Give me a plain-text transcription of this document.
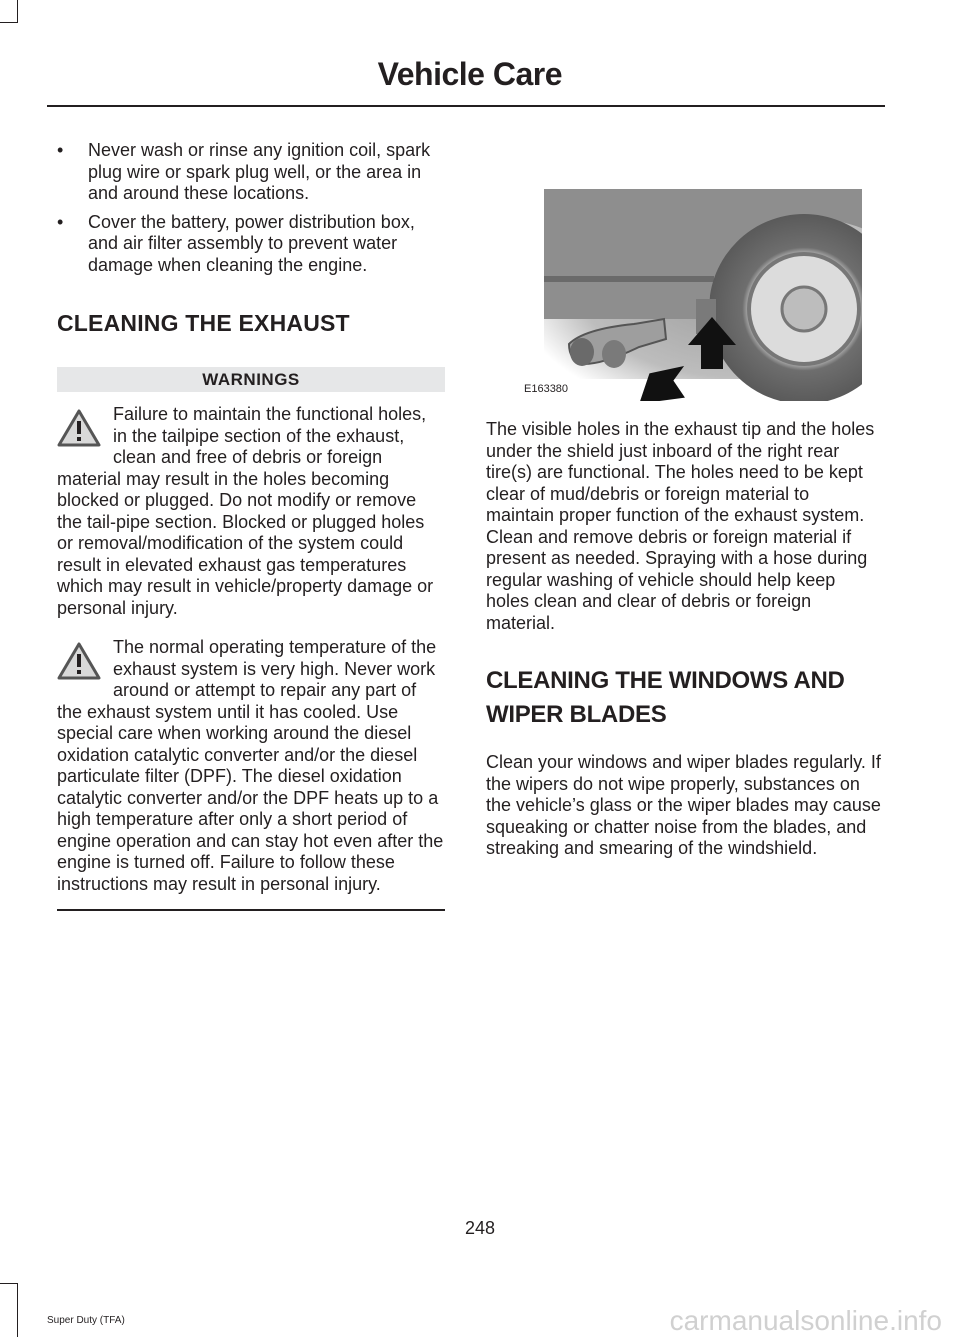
Vehicle Care
• Never wash or rinse any ignition coil, spark plug wire or spark plug well, or the area in and around these locations.
• Cover the battery, power distribution box, and air filter assembly to prevent water damage when cleaning the engine.
CLEANING THE EXHAUST
WARNINGS
Failure to maintain the functional holes, in the tailpipe section of the exhaust, clean and free of debris or foreign material may result in the holes becoming blocked or plugged. Do not modify or remove the tail-pipe section. Blocked or plugged holes or removal/modification of the system could result in elevated exhaust gas temperatures which may result in vehicle/property damage or personal injury.
The normal operating temperature of the exhaust system is very high. Never work around or attempt to repair any part of the exhaust system until it has cooled. Use special care when working around the diesel oxidation catalytic converter and/or the diesel particulate filter (DPF). The diesel oxidation catalytic converter and/or the DPF heats up to a high temperature after only a short period of engine operation and can stay hot even after the engine is turned off. Failure to follow these instructions may result in personal injury.
E163380

The visible holes in the exhaust tip and the holes under the shield just inboard of the right rear tire(s) are functional. The holes need to be kept clear of mud/debris or foreign material to maintain proper function of the exhaust system. Clean and remove debris or foreign material if present as needed. Spraying with a hose during regular washing of vehicle should help keep holes clean and clear of debris or foreign material.

CLEANING THE WINDOWS AND
WIPER BLADES

Clean your windows and wiper blades regularly. If the wipers do not wipe properly, substances on the vehicle’s glass or the wiper blades may cause squeaking or chatter noise from the blades, and streaking and smearing of the windshield.

248
Super Duty (TFA)	carmanualsonline.info
